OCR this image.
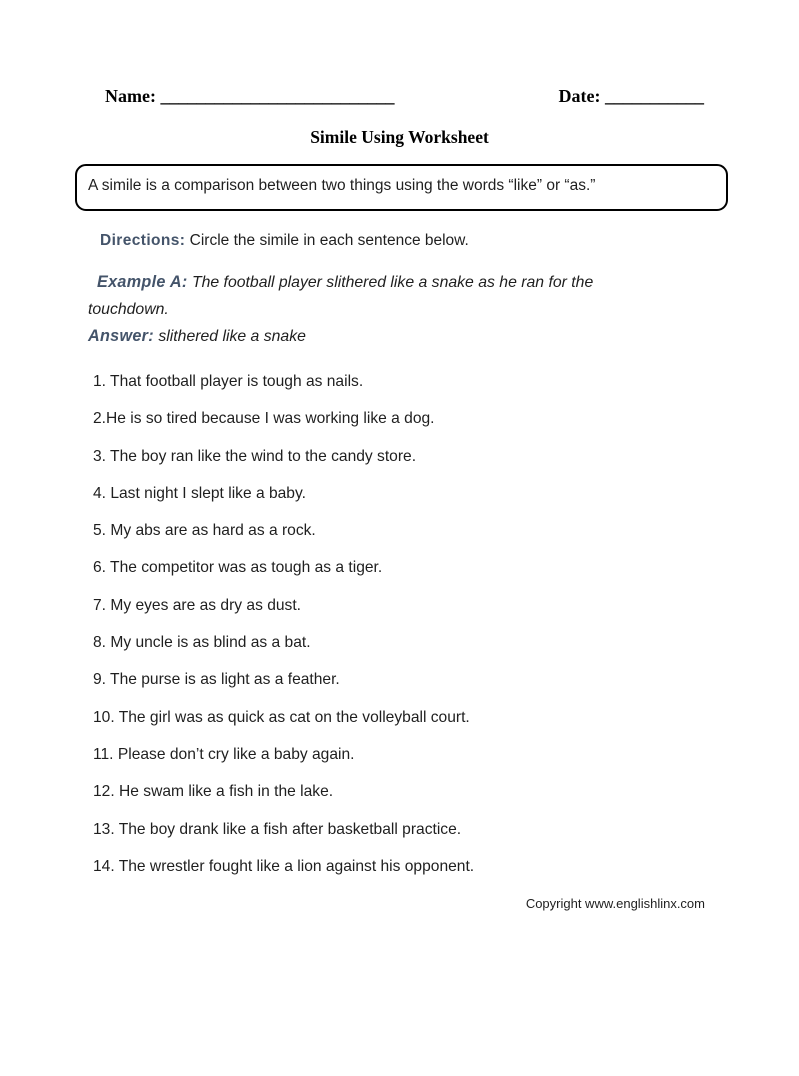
Name: __________________________	Date: ___________
Simile Using Worksheet
A simile is a comparison between two things using the words “like” or “as.”
Directions: Circle the simile in each sentence below.

Example A: The football player slithered like a snake as he ran for the touchdown.

Answer: slithered like a snake

1. That football player is tough as nails.
2.He is so tired because I was working like a dog.
3. The boy ran like the wind to the candy store.
4. Last night I slept like a baby.
5. My abs are as hard as a rock.
6. The competitor was as tough as a tiger.
7. My eyes are as dry as dust.
8. My uncle is as blind as a bat.
9. The purse is as light as a feather.
10. The girl was as quick as cat on the volleyball court.
11. Please don’t cry like a baby again.
12. He swam like a fish in the lake.
13. The boy drank like a fish after basketball practice.
14. The wrestler fought like a lion against his opponent.
Copyright www.englishlinx.com
